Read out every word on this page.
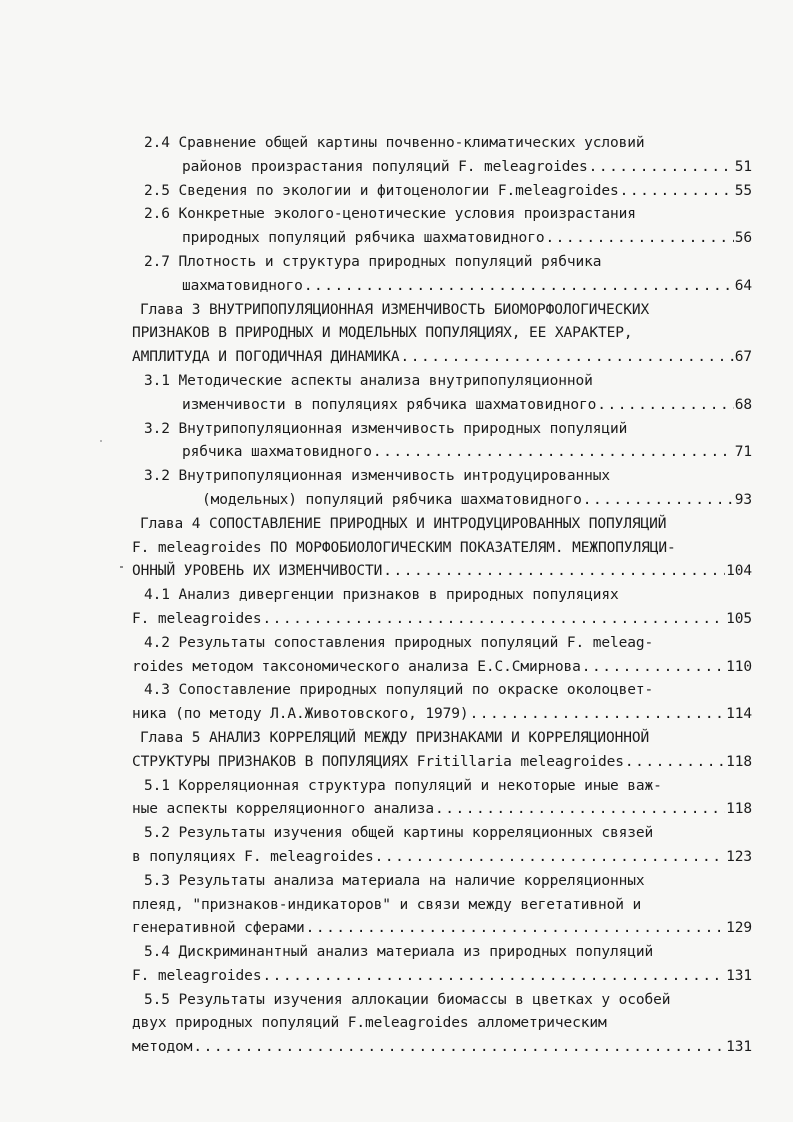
2.4 Сравнение общей картины почвенно-климатических условий
районов произрастания популяций F. meleagroides .....	51
2.5 Сведения по экологии и фитоценологии F.meleagroides .....	55
2.6 Конкретные эколого-ценотические условия произрастания
природных популяций рябчика шахматовидного .....	56
2.7 Плотность и структура природных популяций рябчика
шахматовидного .....	64
Глава 3 ВНУТРИПОПУЛЯЦИОННАЯ ИЗМЕНЧИВОСТЬ БИОМОРФОЛОГИЧЕСКИХ
ПРИЗНАКОВ В ПРИРОДНЫХ И МОДЕЛЬНЫХ ПОПУЛЯЦИЯХ, ЕЕ ХАРАКТЕР,
АМПЛИТУДА И ПОГОДИЧНАЯ ДИНАМИКА .....	67
3.1 Методические аспекты анализа внутрипопуляционной
изменчивости в популяциях рябчика шахматовидного .....	68
3.2 Внутрипопуляционная изменчивость природных популяций
рябчика шахматовидного .....	71
3.2 Внутрипопуляционная изменчивость интродуцированных
(модельных) популяций рябчика шахматовидного .....	93
Глава 4 СОПОСТАВЛЕНИЕ ПРИРОДНЫХ И ИНТРОДУЦИРОВАННЫХ ПОПУЛЯЦИЙ
F. meleagroides ПО МОРФОБИОЛОГИЧЕСКИМ ПОКАЗАТЕЛЯМ. МЕЖПОПУЛЯЦИ-
ОННЫЙ УРОВЕНЬ ИХ ИЗМЕНЧИВОСТИ .....	104
4.1 Анализ дивергенции признаков в природных популяциях
F. meleagroides .....	105
4.2 Результаты сопоставления природных популяций F. meleag-
roides методом таксономического анализа Е.С.Смирнова .....	110
4.3 Сопоставление природных популяций по окраске околоцвет-
ника (по методу Л.А.Животовского, 1979) .....	114
Глава 5 АНАЛИЗ КОРРЕЛЯЦИЙ МЕЖДУ ПРИЗНАКАМИ И КОРРЕЛЯЦИОННОЙ
СТРУКТУРЫ ПРИЗНАКОВ В ПОПУЛЯЦИЯХ Fritillaria meleagroides .....	118
5.1 Корреляционная структура популяций и некоторые иные важ-
ные аспекты корреляционного анализа .....	118
5.2 Результаты изучения общей картины корреляционных связей
в популяциях F. meleagroides .....	123
5.3 Результаты анализа материала на наличие корреляционных
плеяд, "признаков-индикаторов" и связи между вегетативной и
генеративной сферами .....	129
5.4 Дискриминантный анализ материала из природных популяций
F. meleagroides .....	131
5.5 Результаты изучения аллокации биомассы в цветках у особей
двух природных популяций F.meleagroides аллометрическим
методом .....	131
